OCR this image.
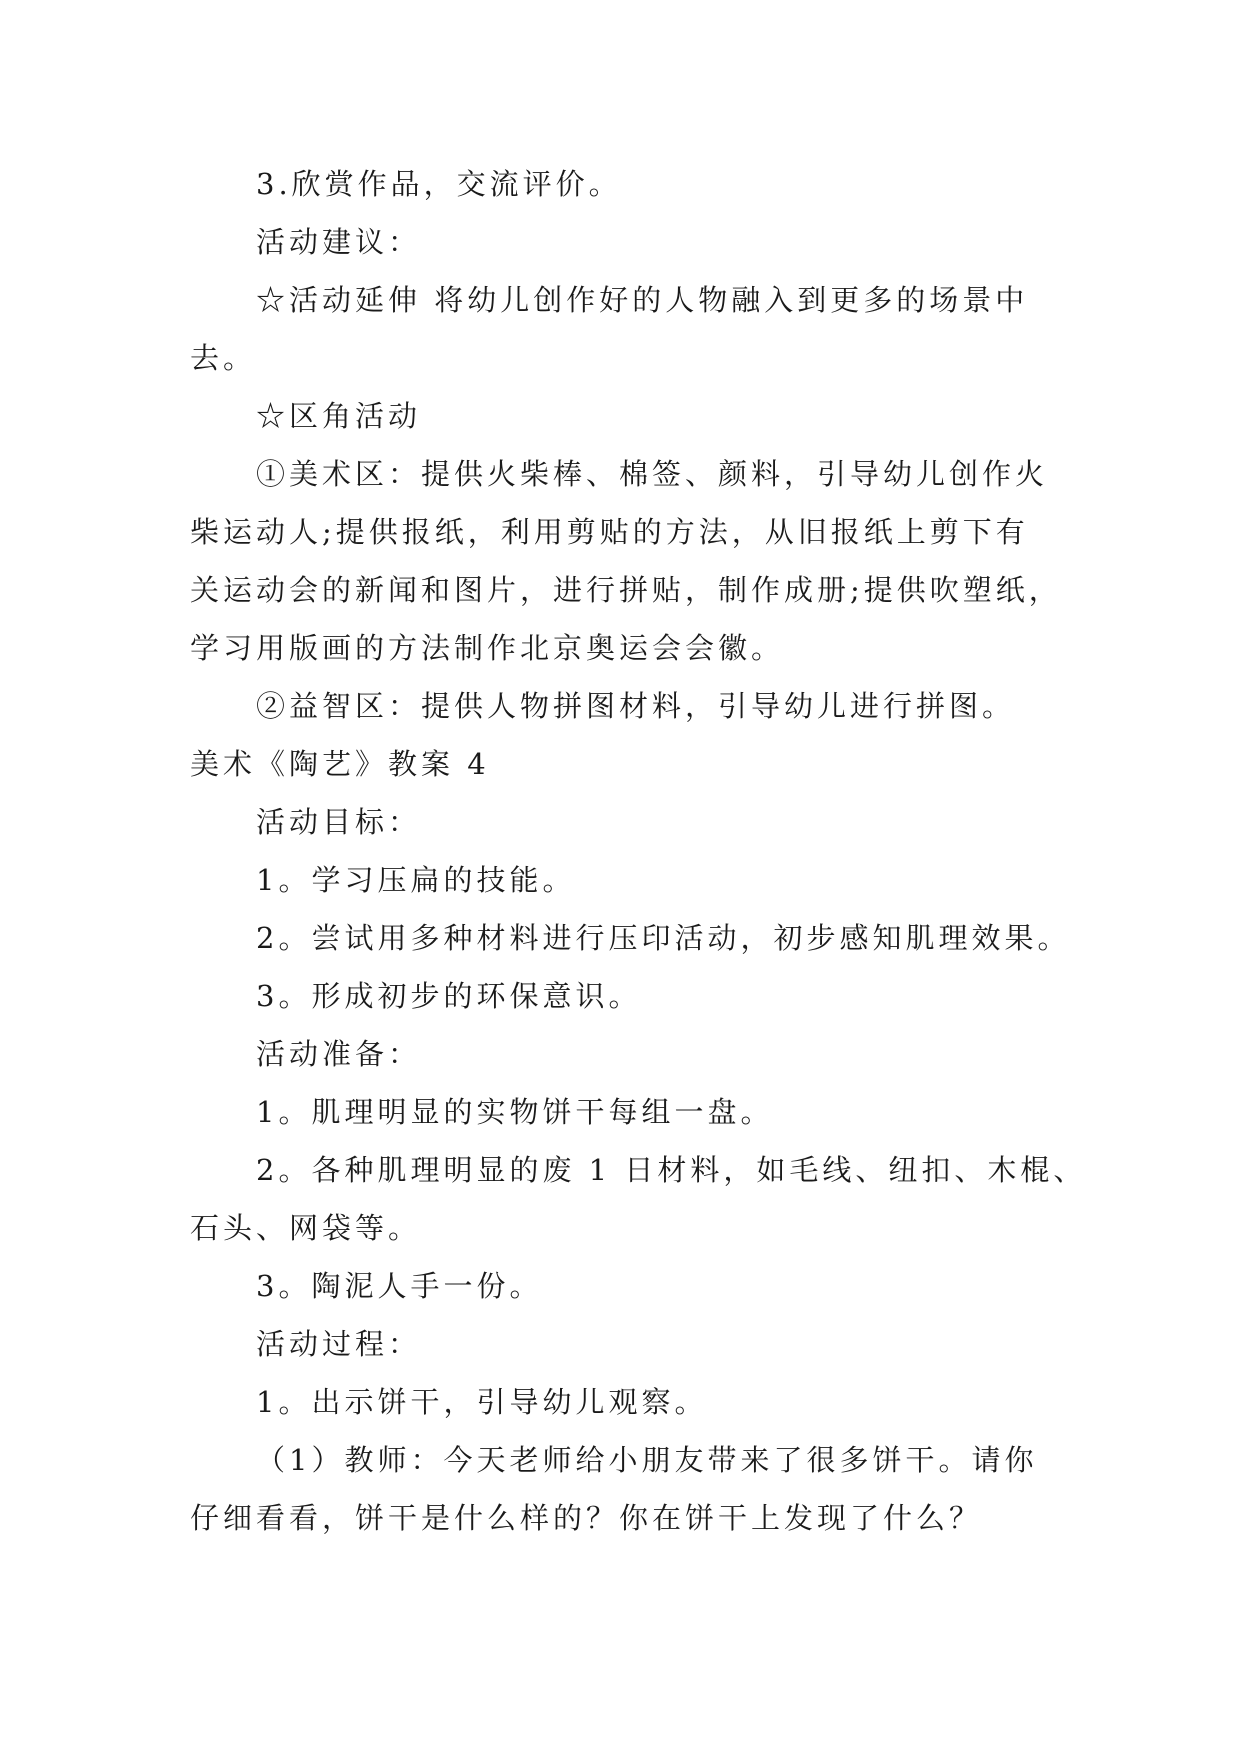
3.欣赏作品，交流评价。

活动建议：

☆活动延伸 将幼儿创作好的人物融入到更多的场景中

去。

☆区角活动

①美术区：提供火柴棒、棉签、颜料，引导幼儿创作火

柴运动人;提供报纸，利用剪贴的方法，从旧报纸上剪下有

关运动会的新闻和图片，进行拼贴，制作成册;提供吹塑纸，

学习用版画的方法制作北京奥运会会徽。

②益智区：提供人物拼图材料，引导幼儿进行拼图。

美术《陶艺》教案 4

活动目标：

1。学习压扁的技能。

2。尝试用多种材料进行压印活动，初步感知肌理效果。

3。形成初步的环保意识。

活动准备：

1。肌理明显的实物饼干每组一盘。

2。各种肌理明显的废 1 日材料，如毛线、纽扣、木棍、

石头、网袋等。

3。陶泥人手一份。

活动过程：

1。出示饼干，引导幼儿观察。

（1）教师：今天老师给小朋友带来了很多饼干。请你

仔细看看，饼干是什么样的？你在饼干上发现了什么？
